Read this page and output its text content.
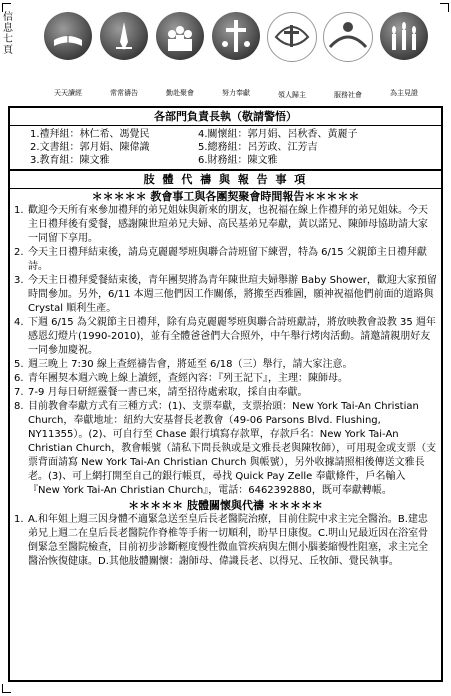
信息七頁
天天讀經	常常禱告	勤赴聚會	努力奉獻	領人歸主	服務社會	為主見證
各部門負責長執（敬請警悟）
1.禮拜組：林仁希、馮覺民	4.關懷組：郭月娟、呂秋香、黃麗子
2.文書組：郭月娟、陳偉識	5.總務組：呂芳政、江芳吉
3.教育組：陳文雅	6.財務組：陳文雅
肢 體 代 禱 與 報 告 事 項
＊＊＊＊＊ 教會事工與各團契聚會時間報告＊＊＊＊＊
1. 歡迎今天所有來參加禮拜的弟兄姐妹與新來的朋友，也祝福在線上作禮拜的弟兄姐妹。今天主日禮拜後有愛餐，感謝陳世瑄弟兄夫婦、高民基弟兄奉獻，黃以諾兄、陳師母協助請大家一同留下享用。
2. 今天主日禮拜結束後，請烏克麗麗琴班與聯合詩班留下練習，特為 6/15 父親節主日禮拜獻詩。
3. 今天主日禮拜愛餐結束後，青年團契將為青年陳世瑄夫婦舉辦 Baby Shower，歡迎大家預留時間參加。另外，6/11 本週三他們因工作關係，將搬至西雅圖，願神祝福他們前面的道路與 Crystal 順利生產。
4. 下週 6/15 為父親節主日禮拜，除有烏克麗麗琴班與聯合詩班獻詩，將放映教會設教 35 週年感恩幻燈片(1990-2010)，並有全體爸爸們大合照外，中午舉行烤肉活動。請邀請親朋好友一同參加慶祝。
5. 週三晚上 7:30 線上查經禱告會，將延至 6/18（三）舉行，請大家注意。
6. 青年團契本週六晚上線上讀經，查經內容：『列王記下』，主理：陳師母。
7. 7-9 月每日研經靈餐一書已來，請至招待處索取，採自由奉獻。
8. 目前教會奉獻方式有三種方式：(1)、支票奉獻，支票抬頭：New York Tai-An Christian Church，奉獻地址：紐約大安基督長老教會（49-06 Parsons Blvd. Flushing, NY11355）。(2)、可自行至 Chase 銀行填寫存款單，存款戶名：New York Tai-An Christian Church，教會帳號（請私下問長執或是文雅長老與陳牧師），可用現金或支票（支票背面請寫 New York Tai-An Christian Church 與帳號），另外收據請照相後傳送文雅長老。(3)、可上網打開至自己的銀行帳頁，尋找 Quick Pay Zelle 奉獻條件，戶名輸入『New York Tai-An Christian Church』，電話：6462392880，既可奉獻轉帳。
＊＊＊＊＊ 肢體關懷與代禱 ＊＊＊＊＊
1. A.和年姐上週三因身體不適緊急送至皇后長老醫院治療，目前住院中求主完全醫治。B.建忠弟兄上週二在皇后長老醫院作脊椎等手術一切順利，盼早日康復。C.明山兄最近因在浴室骨倒緊急至醫院檢查，目前初步診斷輕度慢性微血管疾病與左側小腦萎縮慢性阻塞，求主完全醫治恢復健康。D.其他肢體關懷：謝師母、偉識長老、以得兄、丘牧師、覺民執事。
